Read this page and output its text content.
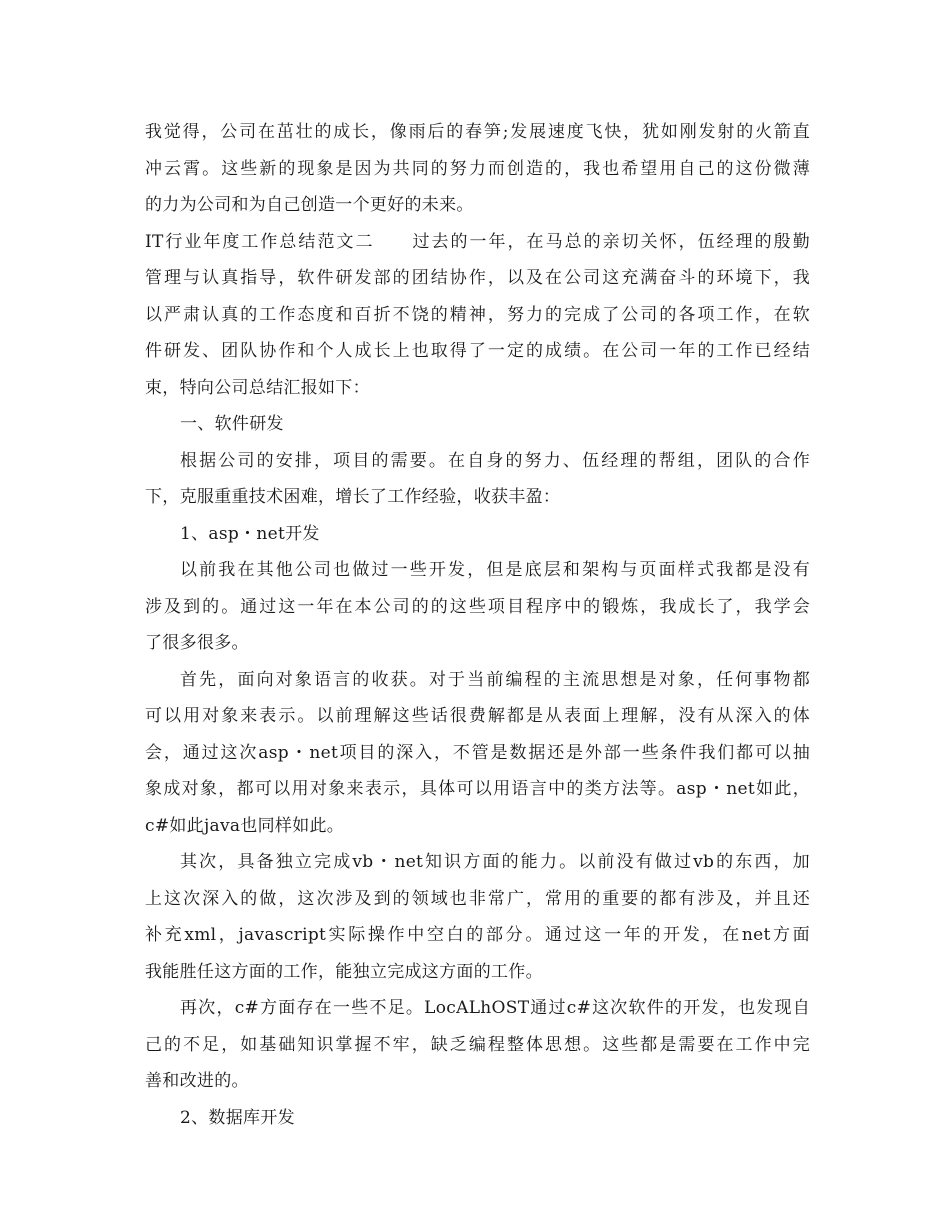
我觉得，公司在茁壮的成长，像雨后的春笋;发展速度飞快，犹如刚发射的火箭直
冲云霄。这些新的现象是因为共同的努力而创造的，我也希望用自己的这份微薄
的力为公司和为自己创造一个更好的未来。
IT行业年度工作总结范文二　　过去的一年，在马总的亲切关怀，伍经理的殷勤
管理与认真指导，软件研发部的团结协作，以及在公司这充满奋斗的环境下，我
以严肃认真的工作态度和百折不饶的精神，努力的完成了公司的各项工作，在软
件研发、团队协作和个人成长上也取得了一定的成绩。在公司一年的工作已经结
束，特向公司总结汇报如下：
一、软件研发
根据公司的安排，项目的需要。在自身的努力、伍经理的帮组，团队的合作
下，克服重重技术困难，增长了工作经验，收获丰盈：
1、asp・net开发
以前我在其他公司也做过一些开发，但是底层和架构与页面样式我都是没有
涉及到的。通过这一年在本公司的的这些项目程序中的锻炼，我成长了，我学会
了很多很多。
首先，面向对象语言的收获。对于当前编程的主流思想是对象，任何事物都
可以用对象来表示。以前理解这些话很费解都是从表面上理解，没有从深入的体
会，通过这次asp・net项目的深入，不管是数据还是外部一些条件我们都可以抽
象成对象，都可以用对象来表示，具体可以用语言中的类方法等。asp・net如此，
c#如此java也同样如此。
其次，具备独立完成vb・net知识方面的能力。以前没有做过vb的东西，加
上这次深入的做，这次涉及到的领域也非常广，常用的重要的都有涉及，并且还
补充xml，javascript实际操作中空白的部分。通过这一年的开发，在net方面
我能胜任这方面的工作，能独立完成这方面的工作。
再次，c#方面存在一些不足。LocALhOST通过c#这次软件的开发，也发现自
己的不足，如基础知识掌握不牢，缺乏编程整体思想。这些都是需要在工作中完
善和改进的。
2、数据库开发
